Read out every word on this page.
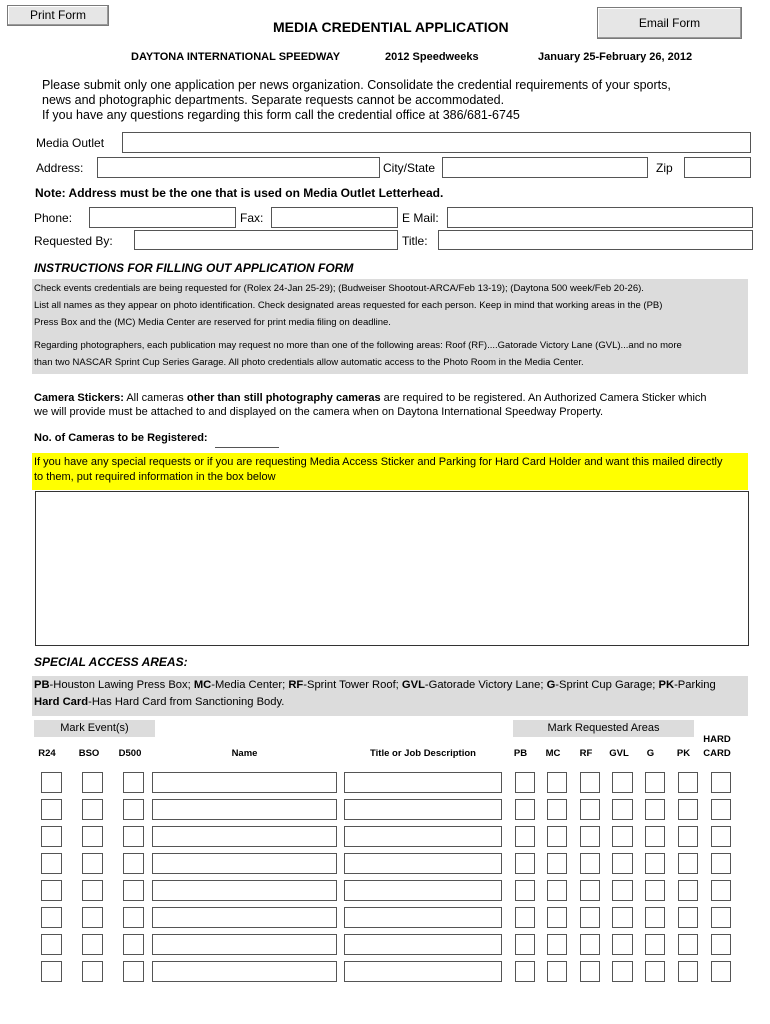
Print Form
Email Form
MEDIA CREDENTIAL APPLICATION
DAYTONA INTERNATIONAL SPEEDWAY	2012 Speedweeks	January 25-February 26, 2012
Please submit only one application per news organization. Consolidate the credential requirements of your sports,
news and photographic departments. Separate requests cannot be accommodated.
If you have any questions regarding this form call the credential office at 386/681-6745
Media Outlet
Address:	City/State	Zip
Note: Address must be the one that is used on Media Outlet Letterhead.
Phone:	Fax:	E Mail:
Requested By:	Title:
INSTRUCTIONS FOR FILLING OUT APPLICATION FORM
Check events credentials are being requested for (Rolex 24-Jan 25-29); (Budweiser Shootout-ARCA/Feb 13-19); (Daytona 500 week/Feb 20-26).
List all names as they appear on photo identification. Check designated areas requested for each person. Keep in mind that working areas in the (PB)
Press Box and the (MC) Media Center are reserved for print media filing on deadline.
Regarding photographers, each publication may request no more than one of the following areas: Roof (RF)....Gatorade Victory Lane (GVL)...and no more
than two NASCAR Sprint Cup Series Garage. All photo credentials allow automatic access to the Photo Room in the Media Center.
Camera Stickers: All cameras other than still photography cameras are required to be registered. An Authorized Camera Sticker which
we will provide must be attached to and displayed on the camera when on Daytona International Speedway Property.
No. of Cameras to be Registered:
If you have any special requests or if you are requesting Media Access Sticker and Parking for Hard Card Holder and want this mailed directly
to them, put required information in the box below
SPECIAL ACCESS AREAS:
PB-Houston Lawing Press Box; MC-Media Center; RF-Sprint Tower Roof; GVL-Gatorade Victory Lane; G-Sprint Cup Garage; PK-Parking
Hard Card-Has Hard Card from Sanctioning Body.
Mark Event(s)	Mark Requested Areas
R24	BSO	D500	Name	Title or Job Description	PB	MC	RF	GVL	G	PK
HARD
CARD
